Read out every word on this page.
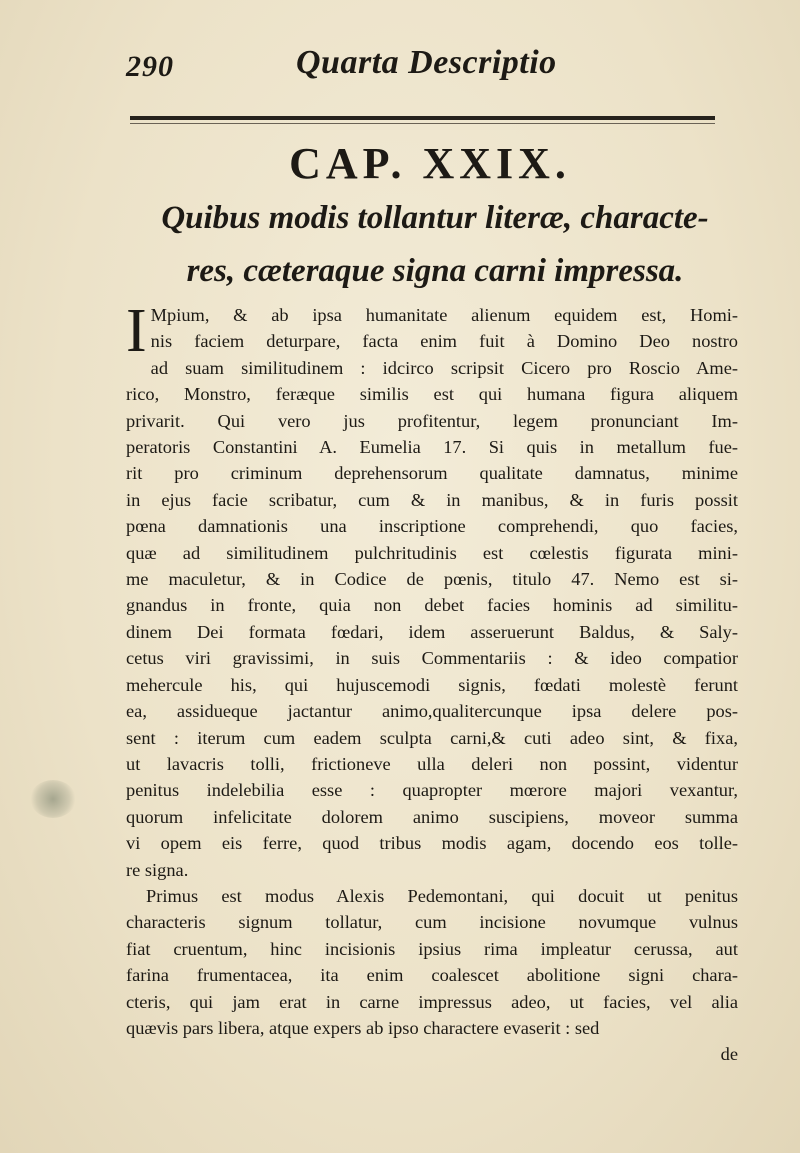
290	Quarta Descriptio
CAP. XXIX.
Quibus modis tollantur literæ, characte-
res, cæteraque signa carni impressa.
I Mpium, & ab ipsa humanitate alienum equidem est, Homi-
nis faciem deturpare, facta enim fuit à Domino Deo nostro
ad suam similitudinem : idcirco scripsit Cicero pro Roscio Ame-
rico, Monstro, feræque similis est qui humana figura aliquem
privarit. Qui vero jus profitentur, legem pronunciant Im-
peratoris Constantini A. Eumelia 17. Si quis in metallum fue-
rit pro criminum deprehensorum qualitate damnatus, minime
in ejus facie scribatur, cum & in manibus, & in furis possit
pœna damnationis una inscriptione comprehendi, quo facies,
quæ ad similitudinem pulchritudinis est cœlestis figurata mini-
me maculetur, & in Codice de pœnis, titulo 47. Nemo est si-
gnandus in fronte, quia non debet facies hominis ad similitu-
dinem Dei formata fœdari, idem asseruerunt Baldus, & Saly-
cetus viri gravissimi, in suis Commentariis : & ideo compatior
mehercule his, qui hujuscemodi signis, fœdati molestè ferunt
ea, assidueque jactantur animo,qualitercunque ipsa delere pos-
sent : iterum cum eadem sculpta carni,& cuti adeo sint, & fixa,
ut lavacris tolli, frictioneve ulla deleri non possint, videntur
penitus indelebilia esse : quapropter mœrore majori vexantur,
quorum infelicitate dolorem animo suscipiens, moveor summa
vi opem eis ferre, quod tribus modis agam, docendo eos tolle-
re signa.
Primus est modus Alexis Pedemontani, qui docuit ut penitus
characteris signum tollatur, cum incisione novumque vulnus
fiat cruentum, hinc incisionis ipsius rima impleatur cerussa, aut
farina frumentacea, ita enim coalescet abolitione signi chara-
cteris, qui jam erat in carne impressus adeo, ut facies, vel alia
quævis pars libera, atque expers ab ipso charactere evaserit : sed
de
